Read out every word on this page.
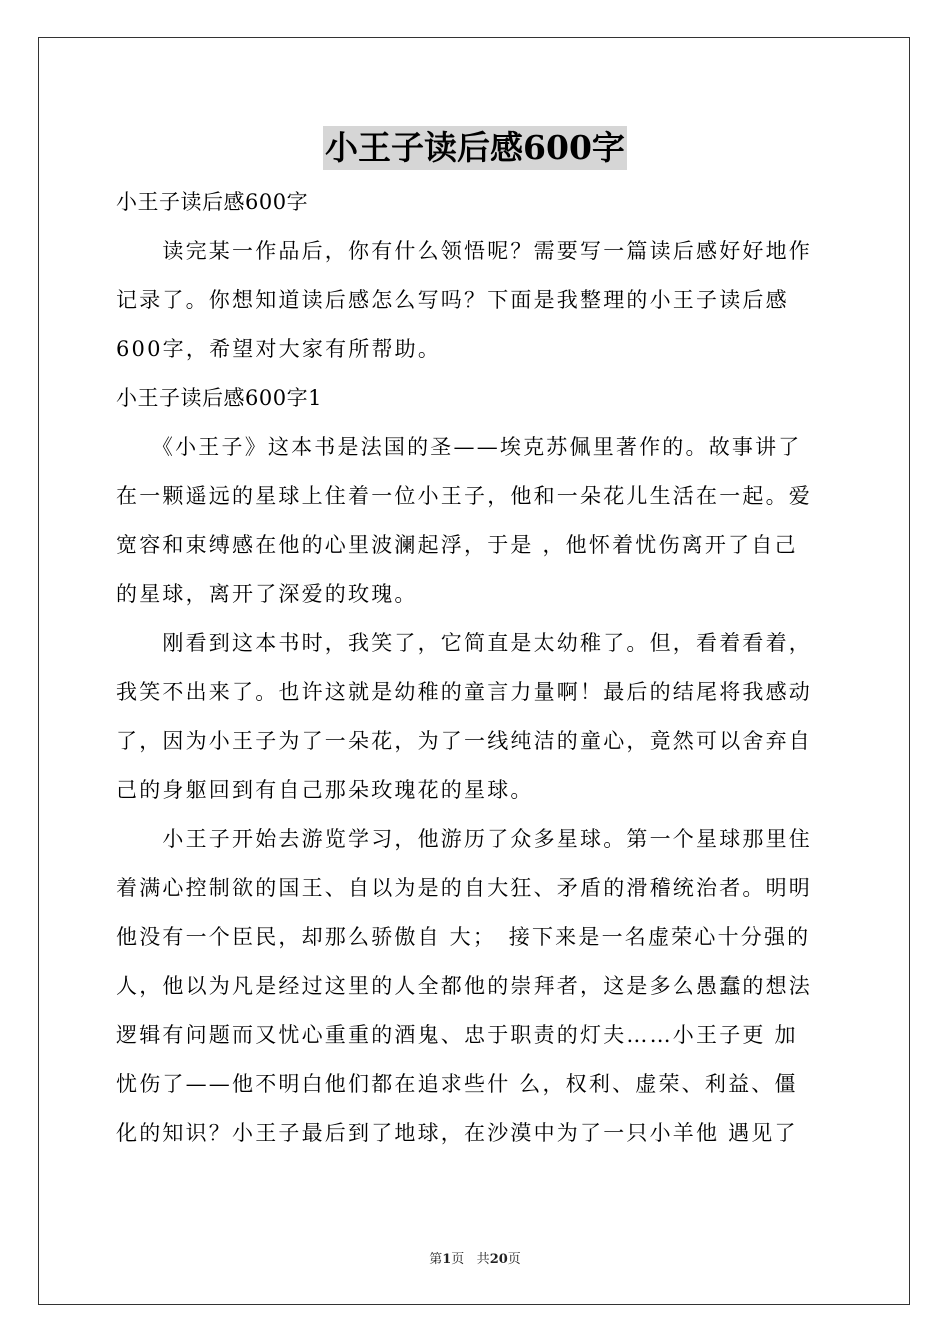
小王子读后感600字
小王子读后感600字
　　读完某一作品后，你有什么领悟呢？需要写一篇读后感好好地作
记录了。你想知道读后感怎么写吗？下面是我整理的小王子读后感
600字，希望对大家有所帮助。
小王子读后感600字1
　　《小王子》这本书是法国的圣——埃克苏佩里著作的。故事讲了
在一颗遥远的星球上住着一位小王子，他和一朵花儿生活在一起。爱
宽容和束缚感在他的心里波澜起浮，于是 ，他怀着忧伤离开了自己
的星球，离开了深爱的玫瑰。
　　刚看到这本书时，我笑了，它简直是太幼稚了。但，看着看着，
我笑不出来了。也许这就是幼稚的童言力量啊！最后的结尾将我感动
了，因为小王子为了一朵花，为了一线纯洁的童心，竟然可以舍弃自
己的身躯回到有自己那朵玫瑰花的星球。
　　小王子开始去游览学习，他游历了众多星球。第一个星球那里住
着满心控制欲的国王、自以为是的自大狂、矛盾的滑稽统治者。明明
他没有一个臣民，却那么骄傲自 大；　接下来是一名虚荣心十分强的
人，他以为凡是经过这里的人全都他的崇拜者，这是多么愚蠢的想法
逻辑有问题而又忧心重重的酒鬼、忠于职责的灯夫……小王子更 加
忧伤了——他不明白他们都在追求些什 么，权利、虚荣、利益、僵
化的知识？小王子最后到了地球，在沙漠中为了一只小羊他 遇见了
第1页 共20页
